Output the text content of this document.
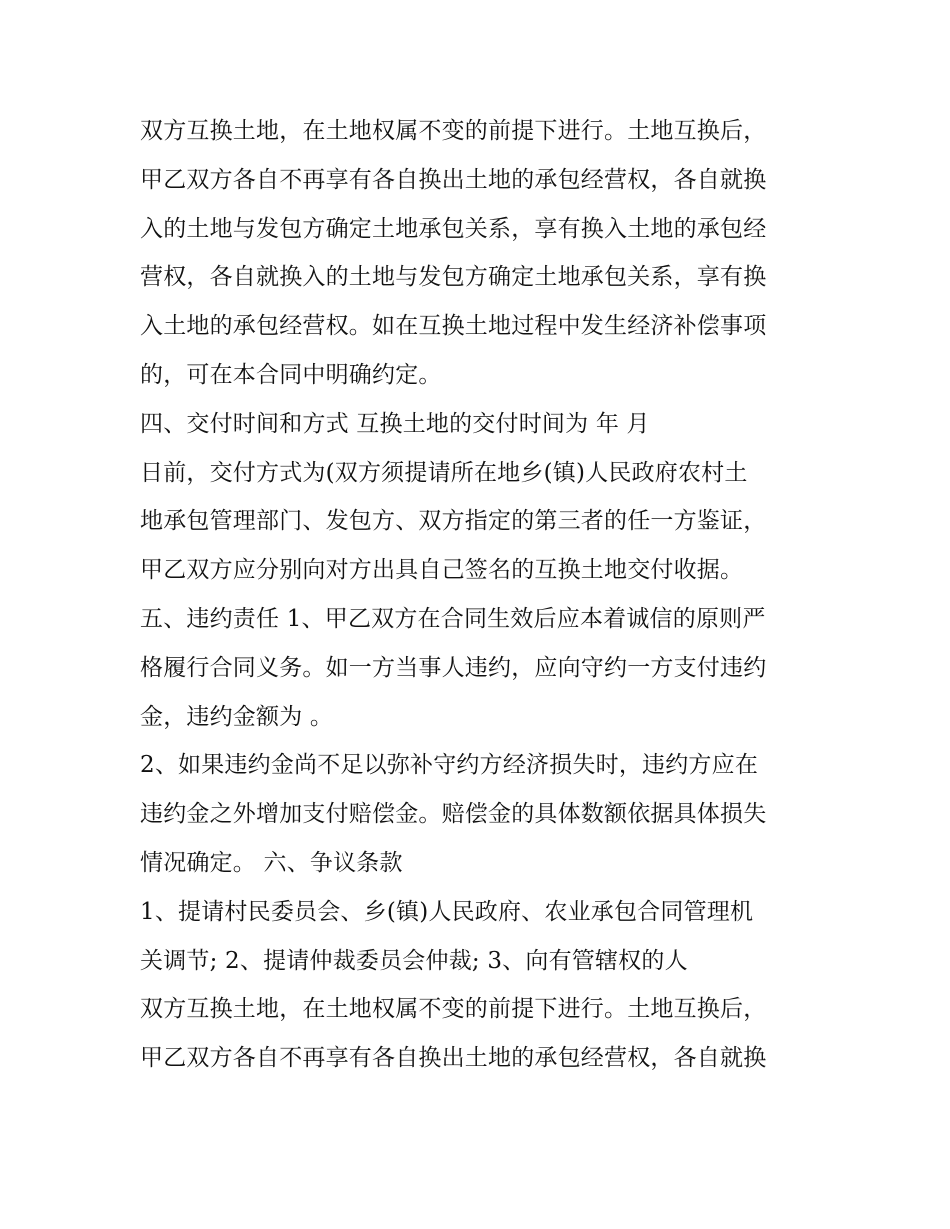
双方互换土地，在土地权属不变的前提下进行。土地互换后，
甲乙双方各自不再享有各自换出土地的承包经营权，各自就换
入的土地与发包方确定土地承包关系，享有换入土地的承包经
营权，各自就换入的土地与发包方确定土地承包关系，享有换
入土地的承包经营权。如在互换土地过程中发生经济补偿事项
的，可在本合同中明确约定。
四、交付时间和方式 互换土地的交付时间为 年 月
日前，交付方式为(双方须提请所在地乡(镇)人民政府农村土
地承包管理部门、发包方、双方指定的第三者的任一方鉴证，
甲乙双方应分别向对方出具自己签名的互换土地交付收据。
五、违约责任 1、甲乙双方在合同生效后应本着诚信的原则严
格履行合同义务。如一方当事人违约，应向守约一方支付违约
金，违约金额为 。
2、如果违约金尚不足以弥补守约方经济损失时，违约方应在
违约金之外增加支付赔偿金。赔偿金的具体数额依据具体损失
情况确定。 六、争议条款
1、提请村民委员会、乡(镇)人民政府、农业承包合同管理机
关调节; 2、提请仲裁委员会仲裁; 3、向有管辖权的人
双方互换土地，在土地权属不变的前提下进行。土地互换后，
甲乙双方各自不再享有各自换出土地的承包经营权，各自就换
